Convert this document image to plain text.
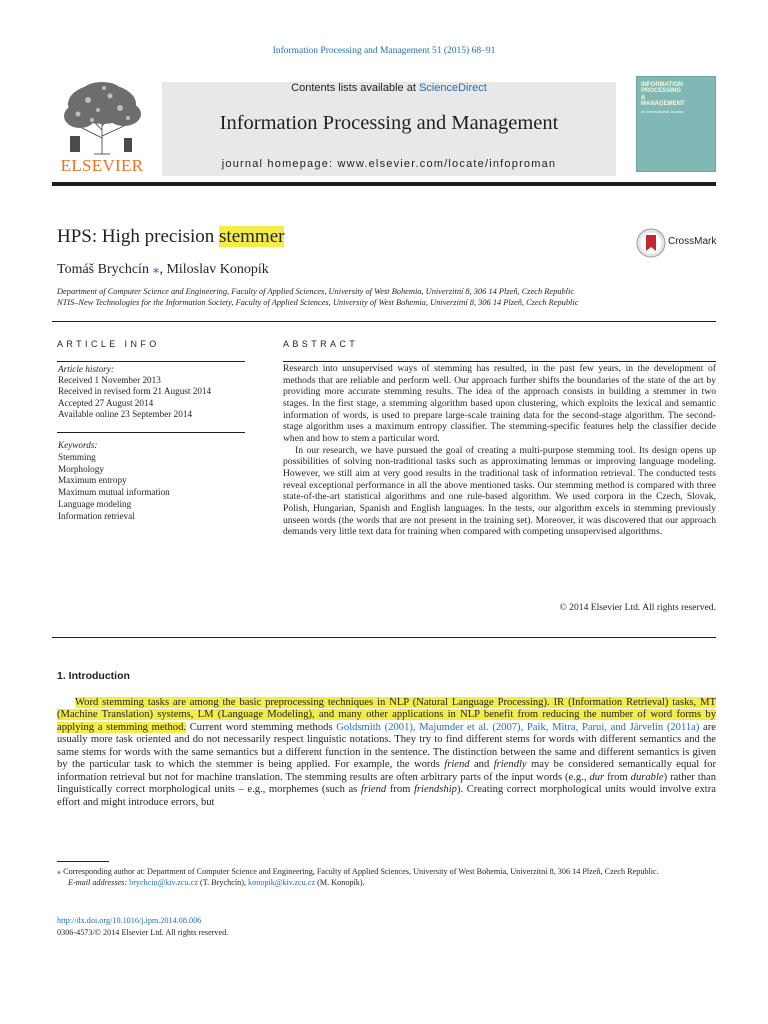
Information Processing and Management 51 (2015) 68–91
ELSEVIER
Contents lists available at ScienceDirect
Information Processing and Management
journal homepage: www.elsevier.com/locate/infoproman
INFORMATION
PROCESSING
&
MANAGEMENT
An International Journal
HPS: High precision stemmer	CrossMark
Tomáš Brychcín ⁎, Miloslav Konopík
Department of Computer Science and Engineering, Faculty of Applied Sciences, University of West Bohemia, Univerzitní 8, 306 14 Plzeň, Czech Republic
NTIS–New Technologies for the Information Society, Faculty of Applied Sciences, University of West Bohemia, Univerzitní 8, 306 14 Plzeň, Czech Republic
ARTICLE INFO
Article history:
Received 1 November 2013
Received in revised form 21 August 2014
Accepted 27 August 2014
Available online 23 September 2014
Keywords:
Stemming
Morphology
Maximum entropy
Maximum mutual information
Language modeling
Information retrieval
ABSTRACT

Research into unsupervised ways of stemming has resulted, in the past few years, in the development of methods that are reliable and perform well. Our approach further shifts the boundaries of the state of the art by providing more accurate stemming results. The idea of the approach consists in building a stemmer in two stages. In the first stage, a stemming algorithm based upon clustering, which exploits the lexical and semantic information of words, is used to prepare large-scale training data for the second-stage algorithm. The second-stage algorithm uses a maximum entropy classifier. The stemming-specific features help the classifier decide when and how to stem a particular word.

In our research, we have pursued the goal of creating a multi-purpose stemming tool. Its design opens up possibilities of solving non-traditional tasks such as approximating lemmas or improving language modeling. However, we still aim at very good results in the traditional task of information retrieval. The conducted tests reveal exceptional performance in all the above mentioned tasks. Our stemming method is compared with three state-of-the-art statistical algorithms and one rule-based algorithm. We used corpora in the Czech, Slovak, Polish, Hungarian, Spanish and English languages. In the tests, our algorithm excels in stemming previously unseen words (the words that are not present in the training set). Moreover, it was discovered that our approach demands very little text data for training when compared with competing unsupervised algorithms.

© 2014 Elsevier Ltd. All rights reserved.
1. Introduction
Word stemming tasks are among the basic preprocessing techniques in NLP (Natural Language Processing). IR (Information Retrieval) tasks, MT (Machine Translation) systems, LM (Language Modeling), and many other applications in NLP benefit from reducing the number of word forms by applying a stemming method. Current word stemming methods Goldsmith (2001), Majumder et al. (2007), Paik, Mitra, Parui, and Järvelin (2011a) are usually more task oriented and do not necessarily respect linguistic notations. They try to find different stems for words with different semantics and the same stems for words with the same semantics but a different function in the sentence. The distinction between the same and different semantics is given by the particular task to which the stemmer is being applied. For example, the words friend and friendly may be considered semantically equal for information retrieval but not for machine translation. The stemming results are often arbitrary parts of the input words (e.g., dur from durable) rather than linguistically correct morphological units – e.g., morphemes (such as friend from friendship). Creating correct morphological units would involve extra effort and might introduce errors, but
⁎ Corresponding author at: Department of Computer Science and Engineering, Faculty of Applied Sciences, University of West Bohemia, Univerzitní 8, 306 14 Plzeň, Czech Republic.
E-mail addresses: brychcin@kiv.zcu.cz (T. Brychcín), konopik@kiv.zcu.cz (M. Konopík).
http://dx.doi.org/10.1016/j.ipm.2014.08.006
0306-4573/© 2014 Elsevier Ltd. All rights reserved.
